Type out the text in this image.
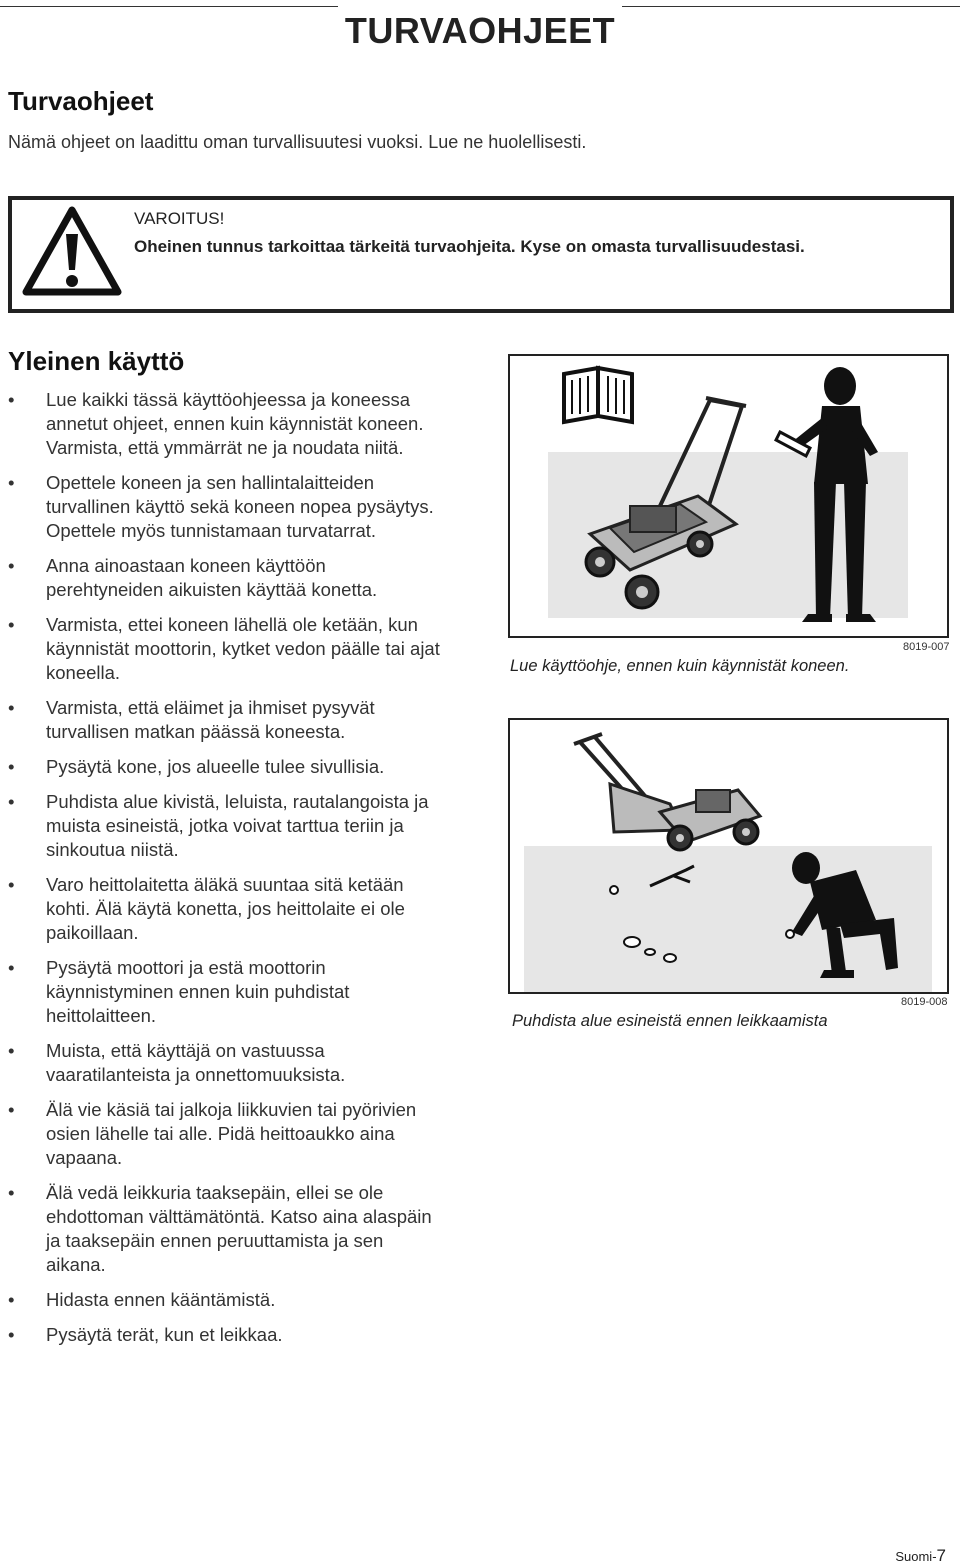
TURVAOHJEET
Turvaohjeet
Nämä ohjeet on laadittu oman turvallisuutesi vuoksi. Lue ne huolellisesti.
VAROITUS!
Oheinen tunnus tarkoittaa tärkeitä turvaohjeita. Kyse on omasta turvallisuudestasi.
Yleinen käyttö
• Lue kaikki tässä käyttöohjeessa ja koneessa annetut ohjeet, ennen kuin käynnistät koneen. Varmista, että ymmärrät ne ja noudata niitä.
• Opettele koneen ja sen hallintalaitteiden turvallinen käyttö sekä koneen nopea pysäytys. Opettele myös tunnistamaan turvatarrat.
• Anna ainoastaan koneen käyttöön perehtyneiden aikuisten käyttää konetta.
• Varmista, ettei koneen lähellä ole ketään, kun käynnistät moottorin, kytket vedon päälle tai ajat koneella.
• Varmista, että eläimet ja ihmiset pysyvät turvallisen matkan päässä koneesta.
• Pysäytä kone, jos alueelle tulee sivullisia.
• Puhdista alue kivistä, leluista, rautalangoista ja muista esineistä, jotka voivat tarttua teriin ja sinkoutua niistä.
• Varo heittolaitetta äläkä suuntaa sitä ketään kohti. Älä käytä konetta, jos heittolaite ei ole paikoillaan.
• Pysäytä moottori ja estä moottorin käynnistyminen ennen kuin puhdistat heittolaitteen.
• Muista, että käyttäjä on vastuussa vaaratilanteista ja onnettomuuksista.
• Älä vie käsiä tai jalkoja liikkuvien tai pyörivien osien lähelle tai alle. Pidä heittoaukko aina vapaana.
• Älä vedä leikkuria taaksepäin, ellei se ole ehdottoman välttämätöntä. Katso aina alaspäin ja taaksepäin ennen peruuttamista ja sen aikana.
• Hidasta ennen kääntämistä.
• Pysäytä terät, kun et leikkaa.
8019-007
Lue käyttöohje, ennen kuin käynnistät koneen.
8019-008
Puhdista alue esineistä ennen leikkaamista
Suomi-7
